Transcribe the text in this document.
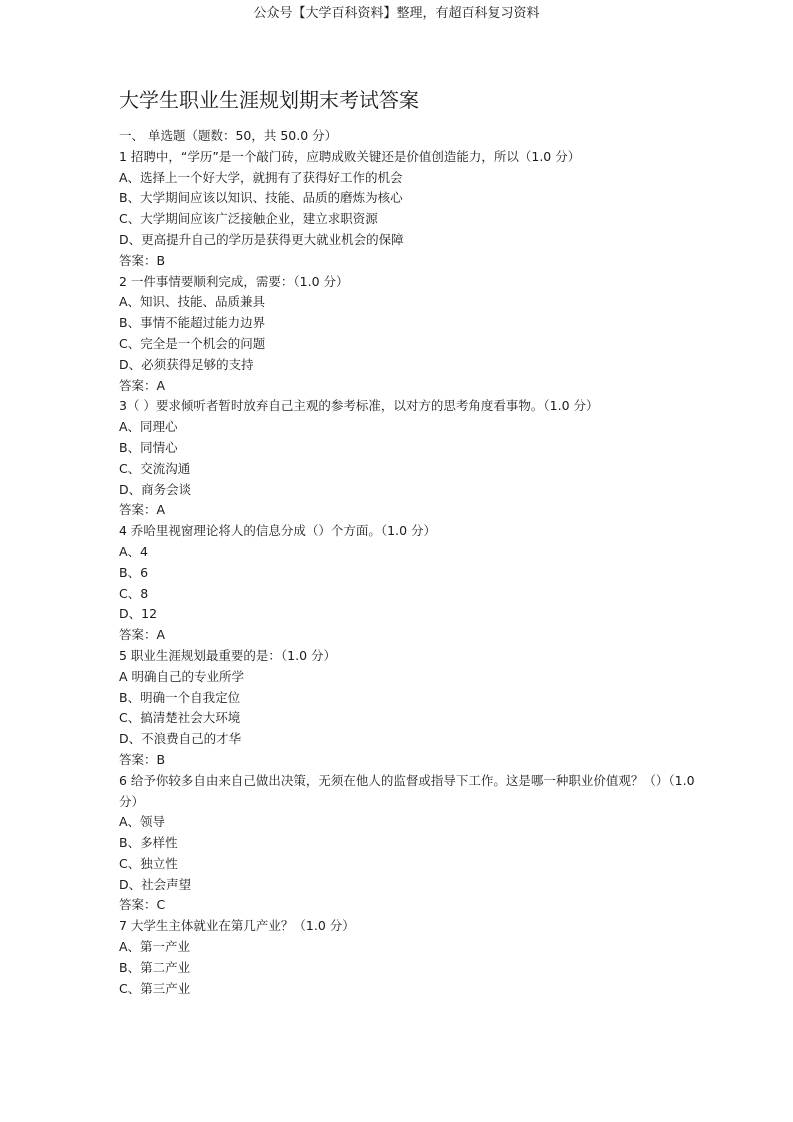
公众号【大学百科资料】整理，有超百科复习资料
大学生职业生涯规划期末考试答案
一、 单选题（题数：50，共 50.0 分）
1 招聘中，“学历”是一个敲门砖，应聘成败关键还是价值创造能力，所以（1.0 分）
A、选择上一个好大学，就拥有了获得好工作的机会
B、大学期间应该以知识、技能、品质的磨炼为核心
C、大学期间应该广泛接触企业，建立求职资源
D、更高提升自己的学历是获得更大就业机会的保障
答案：B
2 一件事情要顺利完成，需要：（1.0 分）
A、知识、技能、品质兼具
B、事情不能超过能力边界
C、完全是一个机会的问题
D、必须获得足够的支持
答案：A
3（ ）要求倾听者暂时放弃自己主观的参考标准，以对方的思考角度看事物。（1.0 分）
A、同理心
B、同情心
C、交流沟通
D、商务会谈
答案：A
4 乔哈里视窗理论将人的信息分成（）个方面。（1.0 分）
A、4
B、6
C、8
D、12
答案：A
5 职业生涯规划最重要的是：（1.0 分）
A 明确自己的专业所学
B、明确一个自我定位
C、搞清楚社会大环境
D、不浪费自己的才华
答案：B
6 给予你较多自由来自己做出决策，无须在他人的监督或指导下工作。这是哪一种职业价值观？（）（1.0 分）
A、领导
B、多样性
C、独立性
D、社会声望
答案：C
7 大学生主体就业在第几产业？（1.0 分）
A、第一产业
B、第二产业
C、第三产业
